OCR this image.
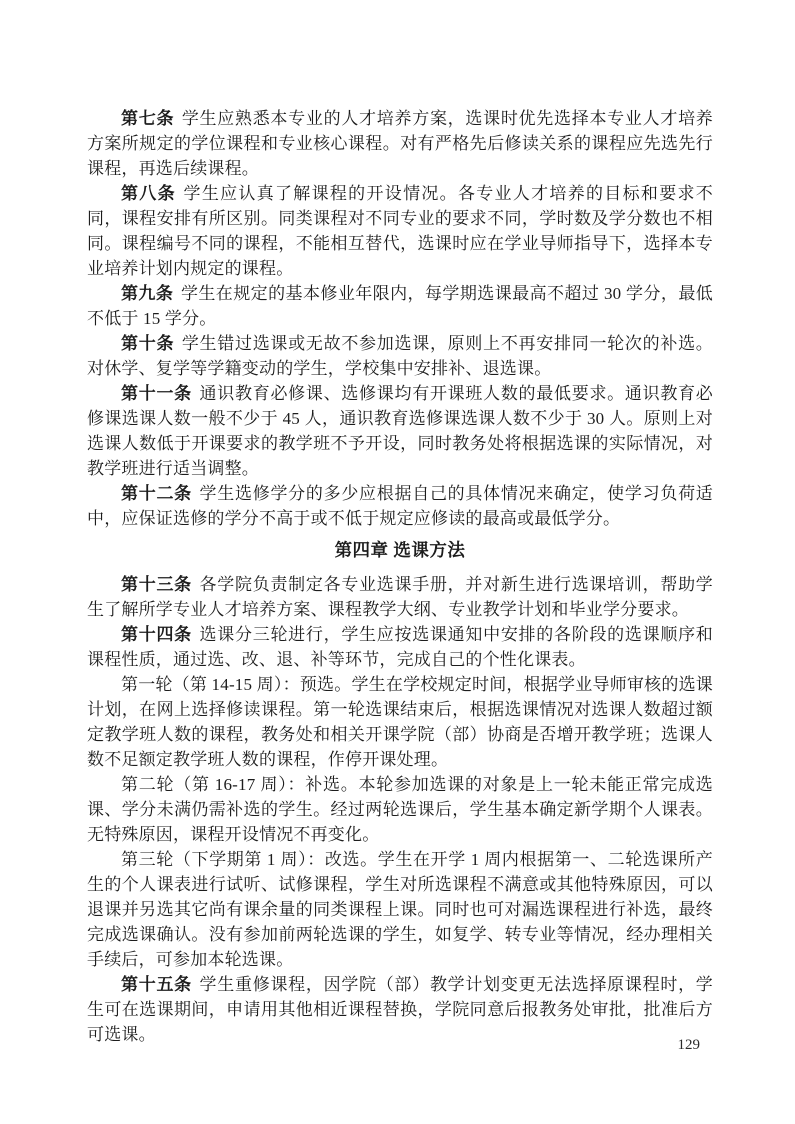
第七条 学生应熟悉本专业的人才培养方案，选课时优先选择本专业人才培养方案所规定的学位课程和专业核心课程。对有严格先后修读关系的课程应先选先行课程，再选后续课程。

第八条 学生应认真了解课程的开设情况。各专业人才培养的目标和要求不同，课程安排有所区别。同类课程对不同专业的要求不同，学时数及学分数也不相同。课程编号不同的课程，不能相互替代，选课时应在学业导师指导下，选择本专业培养计划内规定的课程。

第九条 学生在规定的基本修业年限内，每学期选课最高不超过 30 学分，最低不低于 15 学分。

第十条 学生错过选课或无故不参加选课，原则上不再安排同一轮次的补选。对休学、复学等学籍变动的学生，学校集中安排补、退选课。

第十一条 通识教育必修课、选修课均有开课班人数的最低要求。通识教育必修课选课人数一般不少于 45 人，通识教育选修课选课人数不少于 30 人。原则上对选课人数低于开课要求的教学班不予开设，同时教务处将根据选课的实际情况，对教学班进行适当调整。

第十二条 学生选修学分的多少应根据自己的具体情况来确定，使学习负荷适中，应保证选修的学分不高于或不低于规定应修读的最高或最低学分。

第四章 选课方法

第十三条 各学院负责制定各专业选课手册，并对新生进行选课培训，帮助学生了解所学专业人才培养方案、课程教学大纲、专业教学计划和毕业学分要求。

第十四条 选课分三轮进行，学生应按选课通知中安排的各阶段的选课顺序和课程性质，通过选、改、退、补等环节，完成自己的个性化课表。

第一轮（第 14-15 周）：预选。学生在学校规定时间，根据学业导师审核的选课计划，在网上选择修读课程。第一轮选课结束后，根据选课情况对选课人数超过额定教学班人数的课程，教务处和相关开课学院（部）协商是否增开教学班；选课人数不足额定教学班人数的课程，作停开课处理。

第二轮（第 16-17 周）：补选。本轮参加选课的对象是上一轮未能正常完成选课、学分未满仍需补选的学生。经过两轮选课后，学生基本确定新学期个人课表。无特殊原因，课程开设情况不再变化。

第三轮（下学期第 1 周）：改选。学生在开学 1 周内根据第一、二轮选课所产生的个人课表进行试听、试修课程，学生对所选课程不满意或其他特殊原因，可以退课并另选其它尚有课余量的同类课程上课。同时也可对漏选课程进行补选，最终完成选课确认。没有参加前两轮选课的学生，如复学、转专业等情况，经办理相关手续后，可参加本轮选课。

第十五条 学生重修课程，因学院（部）教学计划变更无法选择原课程时，学生可在选课期间，申请用其他相近课程替换，学院同意后报教务处审批，批准后方可选课。

129
